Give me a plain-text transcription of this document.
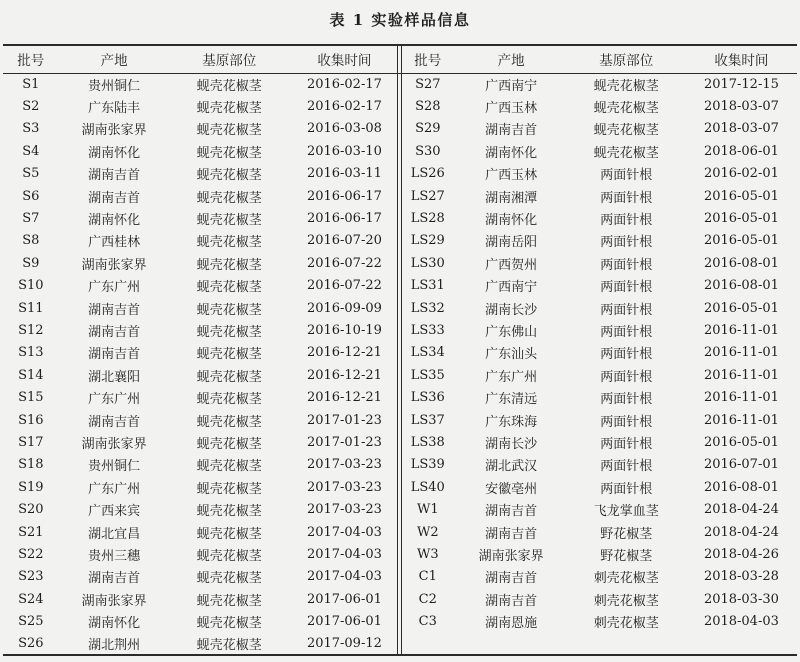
表 1 实验样品信息
批号	产地	基原部位	收集时间
S1	贵州铜仁	蚬壳花椒茎	2016-02-17
S2	广东陆丰	蚬壳花椒茎	2016-02-17
S3	湖南张家界	蚬壳花椒茎	2016-03-08
S4	湖南怀化	蚬壳花椒茎	2016-03-10
S5	湖南吉首	蚬壳花椒茎	2016-03-11
S6	湖南吉首	蚬壳花椒茎	2016-06-17
S7	湖南怀化	蚬壳花椒茎	2016-06-17
S8	广西桂林	蚬壳花椒茎	2016-07-20
S9	湖南张家界	蚬壳花椒茎	2016-07-22
S10	广东广州	蚬壳花椒茎	2016-07-22
S11	湖南吉首	蚬壳花椒茎	2016-09-09
S12	湖南吉首	蚬壳花椒茎	2016-10-19
S13	湖南吉首	蚬壳花椒茎	2016-12-21
S14	湖北襄阳	蚬壳花椒茎	2016-12-21
S15	广东广州	蚬壳花椒茎	2016-12-21
S16	湖南吉首	蚬壳花椒茎	2017-01-23
S17	湖南张家界	蚬壳花椒茎	2017-01-23
S18	贵州铜仁	蚬壳花椒茎	2017-03-23
S19	广东广州	蚬壳花椒茎	2017-03-23
S20	广西来宾	蚬壳花椒茎	2017-03-23
S21	湖北宜昌	蚬壳花椒茎	2017-04-03
S22	贵州三穗	蚬壳花椒茎	2017-04-03
S23	湖南吉首	蚬壳花椒茎	2017-04-03
S24	湖南张家界	蚬壳花椒茎	2017-06-01
S25	湖南怀化	蚬壳花椒茎	2017-06-01
S26	湖北荆州	蚬壳花椒茎	2017-09-12
批号	产地	基原部位	收集时间
S27	广西南宁	蚬壳花椒茎	2017-12-15
S28	广西玉林	蚬壳花椒茎	2018-03-07
S29	湖南吉首	蚬壳花椒茎	2018-03-07
S30	湖南怀化	蚬壳花椒茎	2018-06-01
LS26	广西玉林	两面针根	2016-02-01
LS27	湖南湘潭	两面针根	2016-05-01
LS28	湖南怀化	两面针根	2016-05-01
LS29	湖南岳阳	两面针根	2016-05-01
LS30	广西贺州	两面针根	2016-08-01
LS31	广西南宁	两面针根	2016-08-01
LS32	湖南长沙	两面针根	2016-05-01
LS33	广东佛山	两面针根	2016-11-01
LS34	广东汕头	两面针根	2016-11-01
LS35	广东广州	两面针根	2016-11-01
LS36	广东清远	两面针根	2016-11-01
LS37	广东珠海	两面针根	2016-11-01
LS38	湖南长沙	两面针根	2016-05-01
LS39	湖北武汉	两面针根	2016-07-01
LS40	安徽亳州	两面针根	2016-08-01
W1	湖南吉首	飞龙掌血茎	2018-04-24
W2	湖南吉首	野花椒茎	2018-04-24
W3	湖南张家界	野花椒茎	2018-04-26
C1	湖南吉首	刺壳花椒茎	2018-03-28
C2	湖南吉首	刺壳花椒茎	2018-03-30
C3	湖南恩施	刺壳花椒茎	2018-04-03
